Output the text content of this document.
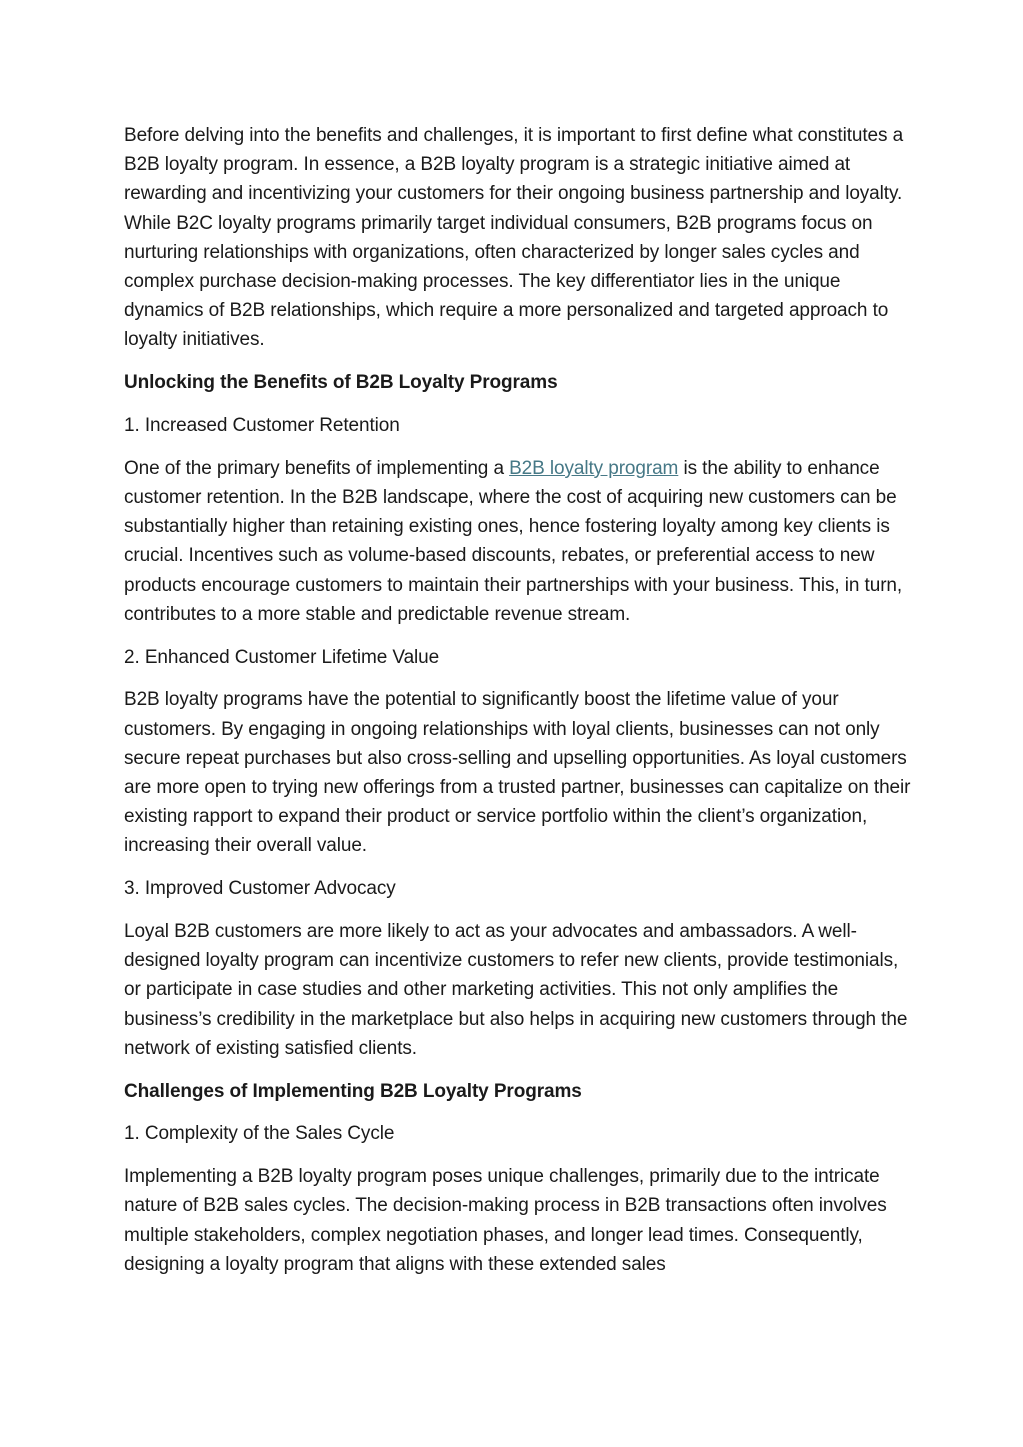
Before delving into the benefits and challenges, it is important to first define what constitutes a B2B loyalty program. In essence, a B2B loyalty program is a strategic initiative aimed at rewarding and incentivizing your customers for their ongoing business partnership and loyalty. While B2C loyalty programs primarily target individual consumers, B2B programs focus on nurturing relationships with organizations, often characterized by longer sales cycles and complex purchase decision-making processes. The key differentiator lies in the unique dynamics of B2B relationships, which require a more personalized and targeted approach to loyalty initiatives.

Unlocking the Benefits of B2B Loyalty Programs

1. Increased Customer Retention

One of the primary benefits of implementing a B2B loyalty program is the ability to enhance customer retention. In the B2B landscape, where the cost of acquiring new customers can be substantially higher than retaining existing ones, hence fostering loyalty among key clients is crucial. Incentives such as volume-based discounts, rebates, or preferential access to new products encourage customers to maintain their partnerships with your business. This, in turn, contributes to a more stable and predictable revenue stream.

2. Enhanced Customer Lifetime Value

B2B loyalty programs have the potential to significantly boost the lifetime value of your customers. By engaging in ongoing relationships with loyal clients, businesses can not only secure repeat purchases but also cross-selling and upselling opportunities. As loyal customers are more open to trying new offerings from a trusted partner, businesses can capitalize on their existing rapport to expand their product or service portfolio within the client’s organization, increasing their overall value.

3. Improved Customer Advocacy

Loyal B2B customers are more likely to act as your advocates and ambassadors. A well-designed loyalty program can incentivize customers to refer new clients, provide testimonials, or participate in case studies and other marketing activities. This not only amplifies the business’s credibility in the marketplace but also helps in acquiring new customers through the network of existing satisfied clients.

Challenges of Implementing B2B Loyalty Programs

1. Complexity of the Sales Cycle

Implementing a B2B loyalty program poses unique challenges, primarily due to the intricate nature of B2B sales cycles. The decision-making process in B2B transactions often involves multiple stakeholders, complex negotiation phases, and longer lead times. Consequently, designing a loyalty program that aligns with these extended sales
